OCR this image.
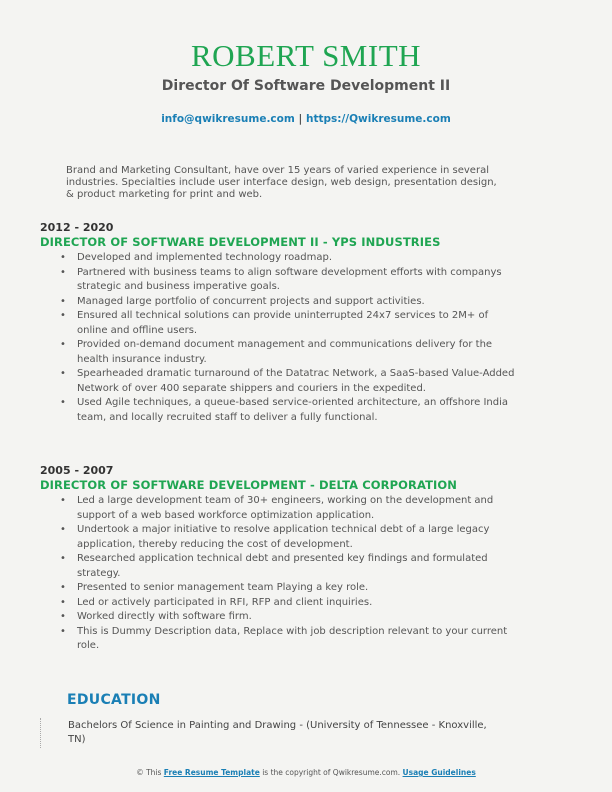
ROBERT SMITH
Director Of Software Development II
info@qwikresume.com | https://Qwikresume.com
Brand and Marketing Consultant, have over 15 years of varied experience in several industries. Specialties include user interface design, web design, presentation design, & product marketing for print and web.
2012 - 2020
DIRECTOR OF SOFTWARE DEVELOPMENT II - YPS INDUSTRIES
• Developed and implemented technology roadmap.
• Partnered with business teams to align software development efforts with companys strategic and business imperative goals.
• Managed large portfolio of concurrent projects and support activities.
• Ensured all technical solutions can provide uninterrupted 24x7 services to 2M+ of online and offline users.
• Provided on-demand document management and communications delivery for the health insurance industry.
• Spearheaded dramatic turnaround of the Datatrac Network, a SaaS-based Value-Added Network of over 400 separate shippers and couriers in the expedited.
• Used Agile techniques, a queue-based service-oriented architecture, an offshore India team, and locally recruited staff to deliver a fully functional.
2005 - 2007
DIRECTOR OF SOFTWARE DEVELOPMENT - DELTA CORPORATION
• Led a large development team of 30+ engineers, working on the development and support of a web based workforce optimization application.
• Undertook a major initiative to resolve application technical debt of a large legacy application, thereby reducing the cost of development.
• Researched application technical debt and presented key findings and formulated strategy.
• Presented to senior management team Playing a key role.
• Led or actively participated in RFI, RFP and client inquiries.
• Worked directly with software firm.
• This is Dummy Description data, Replace with job description relevant to your current role.
EDUCATION
Bachelors Of Science in Painting and Drawing - (University of Tennessee - Knoxville, TN)
© This Free Resume Template is the copyright of Qwikresume.com. Usage Guidelines
